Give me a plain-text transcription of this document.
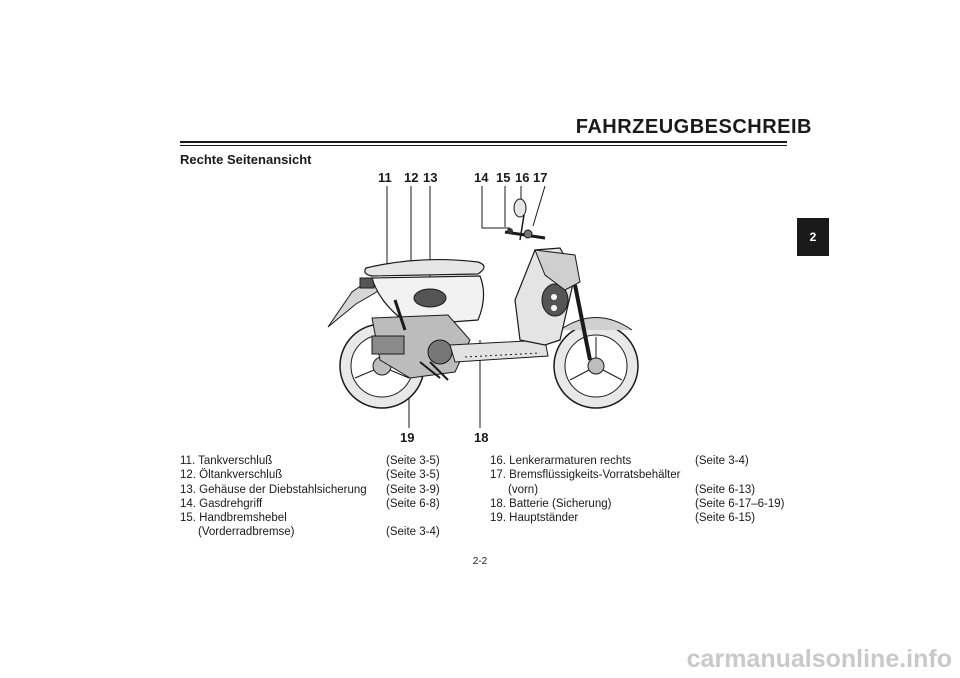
FAHRZEUGBESCHREIB
2
Rechte Seitenansicht
11 12 13	14 15 16 17
18
19
11. Tankverschluß	(Seite 3-5)
12. Öltankverschluß	(Seite 3-5)
13. Gehäuse der Diebstahlsicherung (Seite 3-9)
14. Gasdrehgriff	(Seite 6-8)
15. Handbremshebel
(Vorderradbremse)	(Seite 3-4)
16. Lenkerarmaturen rechts	(Seite 3-4)
17. Bremsflüssigkeits-Vorratsbehälter
(vorn)	(Seite 6-13)
18. Batterie (Sicherung)	(Seite 6-17–6-19)
19. Hauptständer	(Seite 6-15)
2-2
carmanualsonline.info
